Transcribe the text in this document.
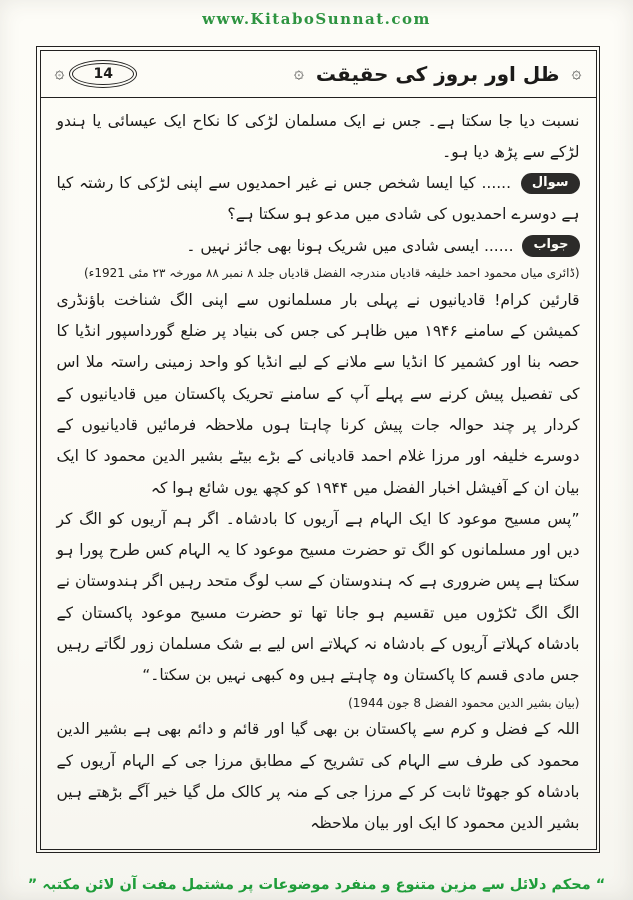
www.KitaboSunnat.com
۞	14	۞ ظل اور بروز کی حقیقت ۞

نسبت دیا جا سکتا ہے۔ جس نے ایک مسلمان لڑکی کا نکاح ایک عیسائی یا ہندو لڑکے سے پڑھ دیا ہو۔

سوال ...... کیا ایسا شخص جس نے غیر احمدیوں سے اپنی لڑکی کا رشتہ کیا ہے دوسرے احمدیوں کی شادی میں مدعو ہو سکتا ہے؟

جواب ...... ایسی شادی میں شریک ہونا بھی جائز نہیں ۔

(ڈائری میاں محمود احمد خلیفہ قادیاں مندرجہ الفضل قادیاں جلد ۸ نمبر ۸۸ مورخہ ۲۳ مئی 1921ء)

قارئین کرام! قادیانیوں نے پہلی بار مسلمانوں سے اپنی الگ شناخت باؤنڈری کمیشن کے سامنے ۱۹۴۶ میں ظاہر کی جس کی بنیاد پر ضلع گورداسپور انڈیا کا حصہ بنا اور کشمیر کا انڈیا سے ملانے کے لیے انڈیا کو واحد زمینی راستہ ملا اس کی تفصیل پیش کرنے سے پہلے آپ کے سامنے تحریک پاکستان میں قادیانیوں کے کردار پر چند حوالہ جات پیش کرنا چاہتا ہوں ملاحظہ فرمائیں قادیانیوں کے دوسرے خلیفہ اور مرزا غلام احمد قادیانی کے بڑے بیٹے بشیر الدین محمود کا ایک بیان ان کے آفیشل اخبار الفضل میں ۱۹۴۴ کو کچھ یوں شائع ہوا کہ

”پس مسیح موعود کا ایک الہام ہے آریوں کا بادشاہ۔ اگر ہم آریوں کو الگ کر دیں اور مسلمانوں کو الگ تو حضرت مسیح موعود کا یہ الہام کس طرح پورا ہو سکتا ہے پس ضروری ہے کہ ہندوستان کے سب لوگ متحد رہیں اگر ہندوستان نے الگ الگ ٹکڑوں میں تقسیم ہو جانا تھا تو حضرت مسیح موعود پاکستان کے بادشاہ کہلاتے آریوں کے بادشاہ نہ کہلاتے اس لیے بے شک مسلمان زور لگاتے رہیں جس مادی قسم کا پاکستان وہ چاہتے ہیں وہ کبھی نہیں بن سکتا۔“

(بیان بشیر الدین محمود الفضل 8 جون 1944)

اللہ کے فضل و کرم سے پاکستان بن بھی گیا اور قائم و دائم بھی ہے بشیر الدین محمود کی طرف سے الہام کی تشریح کے مطابق مرزا جی کے الہام آریوں کے بادشاہ کو جھوٹا ثابت کر کے مرزا جی کے منہ پر کالک مل گیا خیر آگے بڑھتے ہیں بشیر الدین محمود کا ایک اور بیان ملاحظہ

“ محکم دلائل سے مزین متنوع و منفرد موضوعات پر مشتمل مفت آن لائن مکتبہ ”
